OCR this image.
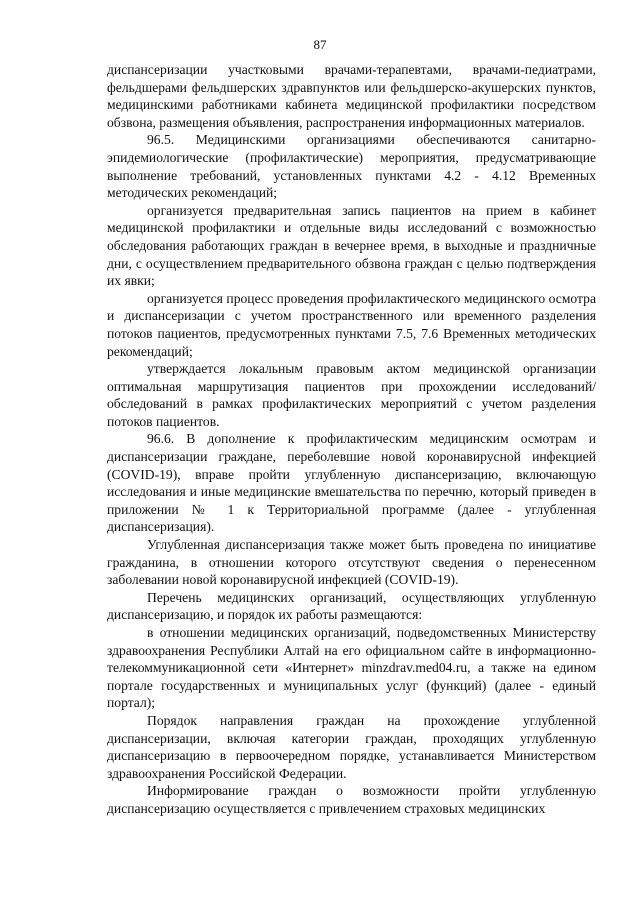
87

диспансеризации участковыми врачами-терапевтами, врачами-педиатрами, фельдшерами фельдшерских здравпунктов или фельдшерско-акушерских пунктов, медицинскими работниками кабинета медицинской профилактики посредством обзвона, размещения объявления, распространения информационных материалов.

96.5. Медицинскими организациями обеспечиваются санитарно-эпидемиологические (профилактические) мероприятия, предусматривающие выполнение требований, установленных пунктами 4.2 - 4.12 Временных методических рекомендаций;

организуется предварительная запись пациентов на прием в кабинет медицинской профилактики и отдельные виды исследований с возможностью обследования работающих граждан в вечернее время, в выходные и праздничные дни, с осуществлением предварительного обзвона граждан с целью подтверждения их явки;

организуется процесс проведения профилактического медицинского осмотра и диспансеризации с учетом пространственного или временного разделения потоков пациентов, предусмотренных пунктами 7.5, 7.6 Временных методических рекомендаций;

утверждается локальным правовым актом медицинской организации оптимальная маршрутизация пациентов при прохождении исследований/обследований в рамках профилактических мероприятий с учетом разделения потоков пациентов.

96.6. В дополнение к профилактическим медицинским осмотрам и диспансеризации граждане, переболевшие новой коронавирусной инфекцией (COVID-19), вправе пройти углубленную диспансеризацию, включающую исследования и иные медицинские вмешательства по перечню, который приведен в приложении № 1 к Территориальной программе (далее - углубленная диспансеризация).

Углубленная диспансеризация также может быть проведена по инициативе гражданина, в отношении которого отсутствуют сведения о перенесенном заболевании новой коронавирусной инфекцией (COVID-19).

Перечень медицинских организаций, осуществляющих углубленную диспансеризацию, и порядок их работы размещаются:

в отношении медицинских организаций, подведомственных Министерству здравоохранения Республики Алтай на его официальном сайте в информационно-телекоммуникационной сети «Интернет» minzdrav.med04.ru, а также на едином портале государственных и муниципальных услуг (функций) (далее - единый портал);

Порядок направления граждан на прохождение углубленной диспансеризации, включая категории граждан, проходящих углубленную диспансеризацию в первоочередном порядке, устанавливается Министерством здравоохранения Российской Федерации.

Информирование граждан о возможности пройти углубленную диспансеризацию осуществляется с привлечением страховых медицинских
